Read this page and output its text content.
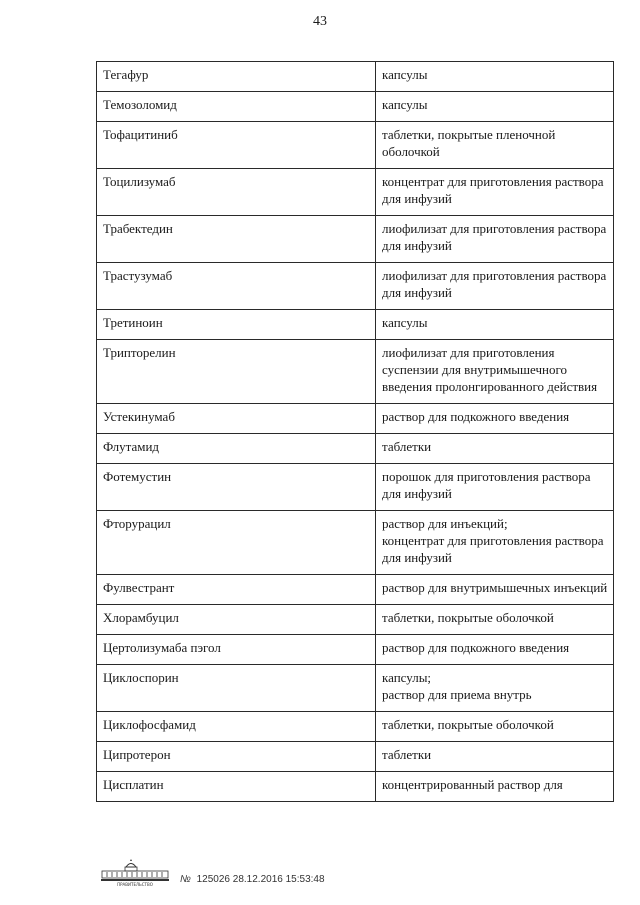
43
Тегафур	капсулы
Темозоломид	капсулы
Тофацитиниб	таблетки, покрытые пленочной оболочкой
Тоцилизумаб	концентрат для приготовления раствора для инфузий
Трабектедин	лиофилизат для приготовления раствора для инфузий
Трастузумаб	лиофилизат для приготовления раствора для инфузий
Третиноин	капсулы
Трипторелин	лиофилизат для приготовления суспензии для внутримышечного введения пролонгированного действия
Устекинумаб	раствор для подкожного введения
Флутамид	таблетки
Фотемустин	порошок для приготовления раствора для инфузий
Фторурацил	раствор для инъекций;
концентрат для приготовления раствора для инфузий
Фулвестрант	раствор для внутримышечных инъекций
Хлорамбуцил	таблетки, покрытые оболочкой
Цертолизумаба пэгол	раствор для подкожного введения
Циклоспорин	капсулы;
раствор для приема внутрь
Циклофосфамид	таблетки, покрытые оболочкой
Ципротерон	таблетки
Цисплатин	концентрированный раствор для
ПРАВИТЕЛЬСТВО	№ 125026 28.12.2016 15:53:48
